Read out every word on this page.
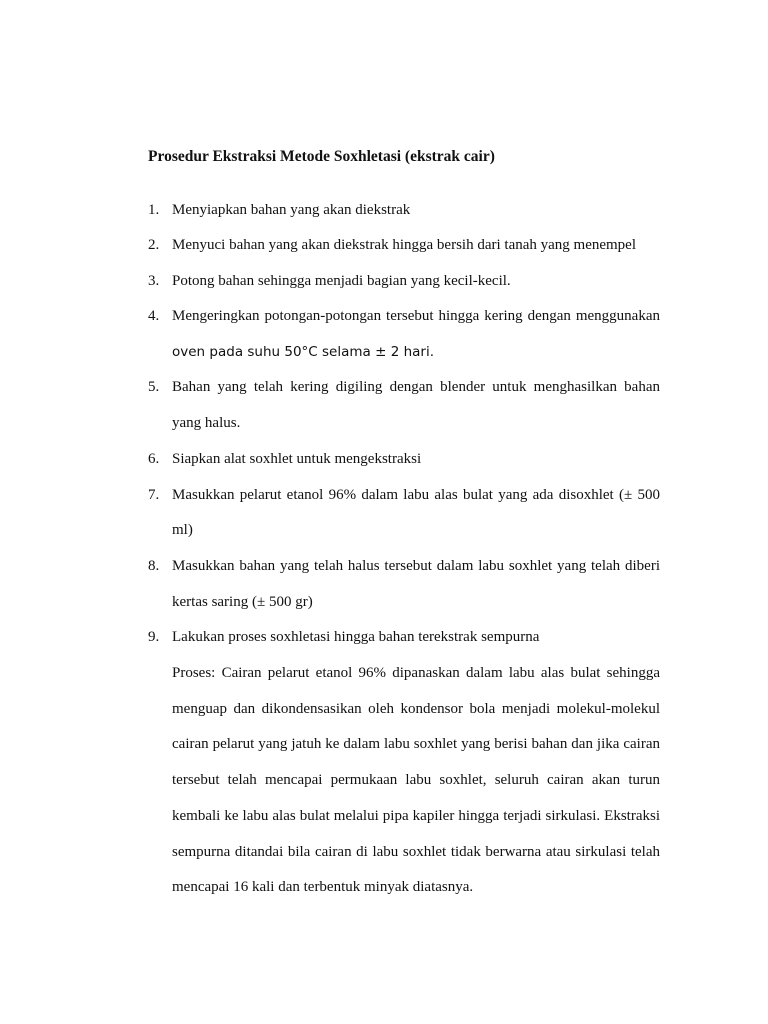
Prosedur Ekstraksi Metode Soxhletasi (ekstrak cair)
1. Menyiapkan bahan yang akan diekstrak
2. Menyuci bahan yang akan diekstrak hingga bersih dari tanah yang menempel
3. Potong bahan sehingga menjadi bagian yang kecil-kecil.
4. Mengeringkan potongan-potongan tersebut hingga kering dengan menggunakan
oven pada suhu 50°C selama ± 2 hari.
5. Bahan yang telah kering digiling dengan blender untuk menghasilkan bahan
yang halus.
6. Siapkan alat soxhlet untuk mengekstraksi
7. Masukkan pelarut etanol 96% dalam labu alas bulat yang ada disoxhlet (± 500
ml)
8. Masukkan bahan yang telah halus tersebut dalam labu soxhlet yang telah diberi
kertas saring (± 500 gr)
9. Lakukan proses soxhletasi hingga bahan terekstrak sempurna
Proses: Cairan pelarut etanol 96% dipanaskan dalam labu alas bulat sehingga
menguap dan dikondensasikan oleh kondensor bola menjadi molekul-molekul
cairan pelarut yang jatuh ke dalam labu soxhlet yang berisi bahan dan jika cairan
tersebut telah mencapai permukaan labu soxhlet, seluruh cairan akan turun
kembali ke labu alas bulat melalui pipa kapiler hingga terjadi sirkulasi. Ekstraksi
sempurna ditandai bila cairan di labu soxhlet tidak berwarna atau sirkulasi telah
mencapai 16 kali dan terbentuk minyak diatasnya.
